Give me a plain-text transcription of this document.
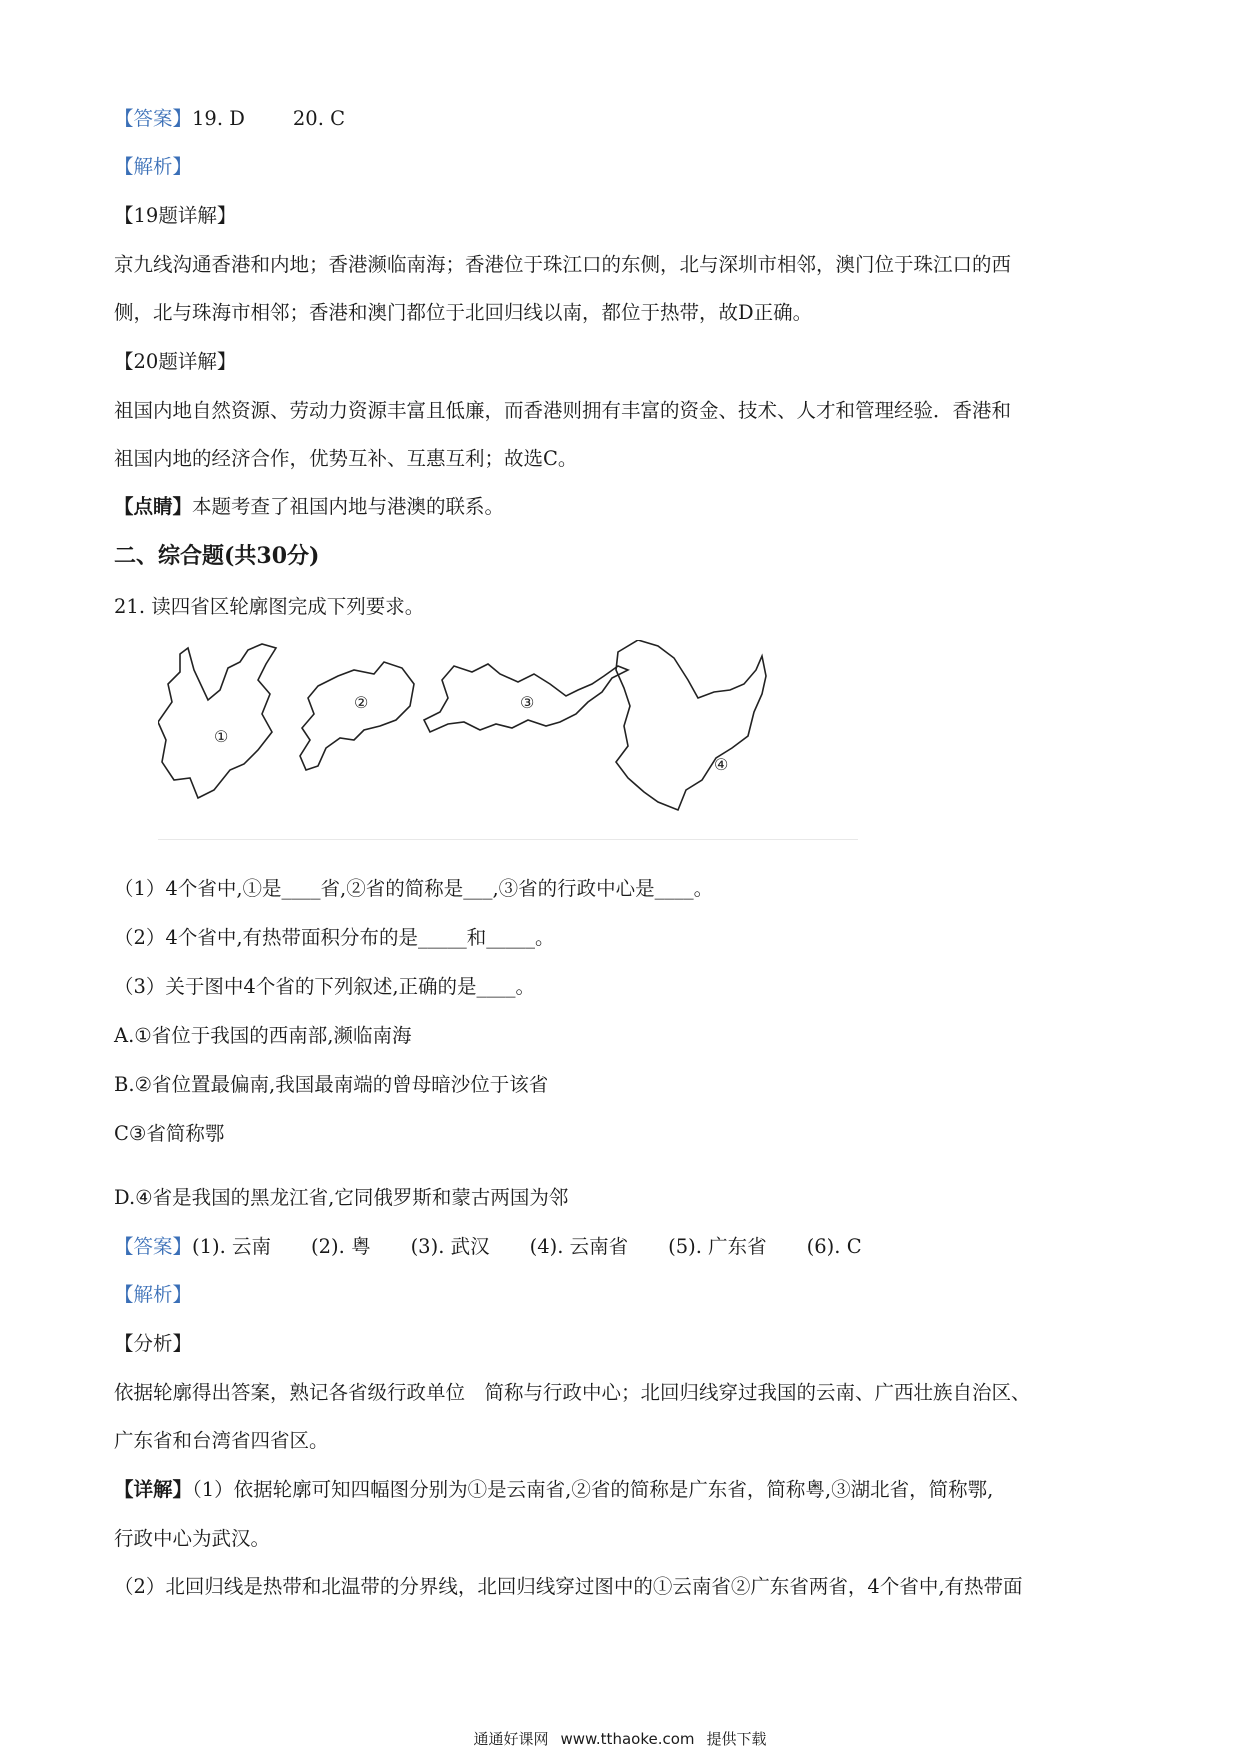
【答案】19. D 20. C
【解析】
【19题详解】
京九线沟通香港和内地；香港濒临南海；香港位于珠江口的东侧，北与深圳市相邻，澳门位于珠江口的西
侧，北与珠海市相邻；香港和澳门都位于北回归线以南，都位于热带，故D正确。
【20题详解】
祖国内地自然资源、劳动力资源丰富且低廉，而香港则拥有丰富的资金、技术、人才和管理经验．香港和
祖国内地的经济合作，优势互补、互惠互利；故选C。
【点睛】本题考查了祖国内地与港澳的联系。
二、综合题(共30分)
21. 读四省区轮廓图完成下列要求。
①
②	③
④
（1）4个省中,①是____省,②省的简称是___,③省的行政中心是____。
（2）4个省中,有热带面积分布的是_____和_____。
（3）关于图中4个省的下列叙述,正确的是____。
A.①省位于我国的西南部,濒临南海
B.②省位置最偏南,我国最南端的曾母暗沙位于该省
C③省简称鄂
D.④省是我国的黑龙江省,它同俄罗斯和蒙古两国为邻
【答案】(1). 云南 (2). 粤 (3). 武汉 (4). 云南省 (5). 广东省 (6). C
【解析】
【分析】
依据轮廓得出答案，熟记各省级行政单位　简称与行政中心；北回归线穿过我国的云南、广西壮族自治区、
广东省和台湾省四省区。
【详解】（1）依据轮廓可知四幅图分别为①是云南省,②省的简称是广东省，简称粤,③湖北省，简称鄂,
行政中心为武汉。
（2）北回归线是热带和北温带的分界线，北回归线穿过图中的①云南省②广东省两省，4个省中,有热带面
通通好课网 www.tthaoke.com 提供下载
